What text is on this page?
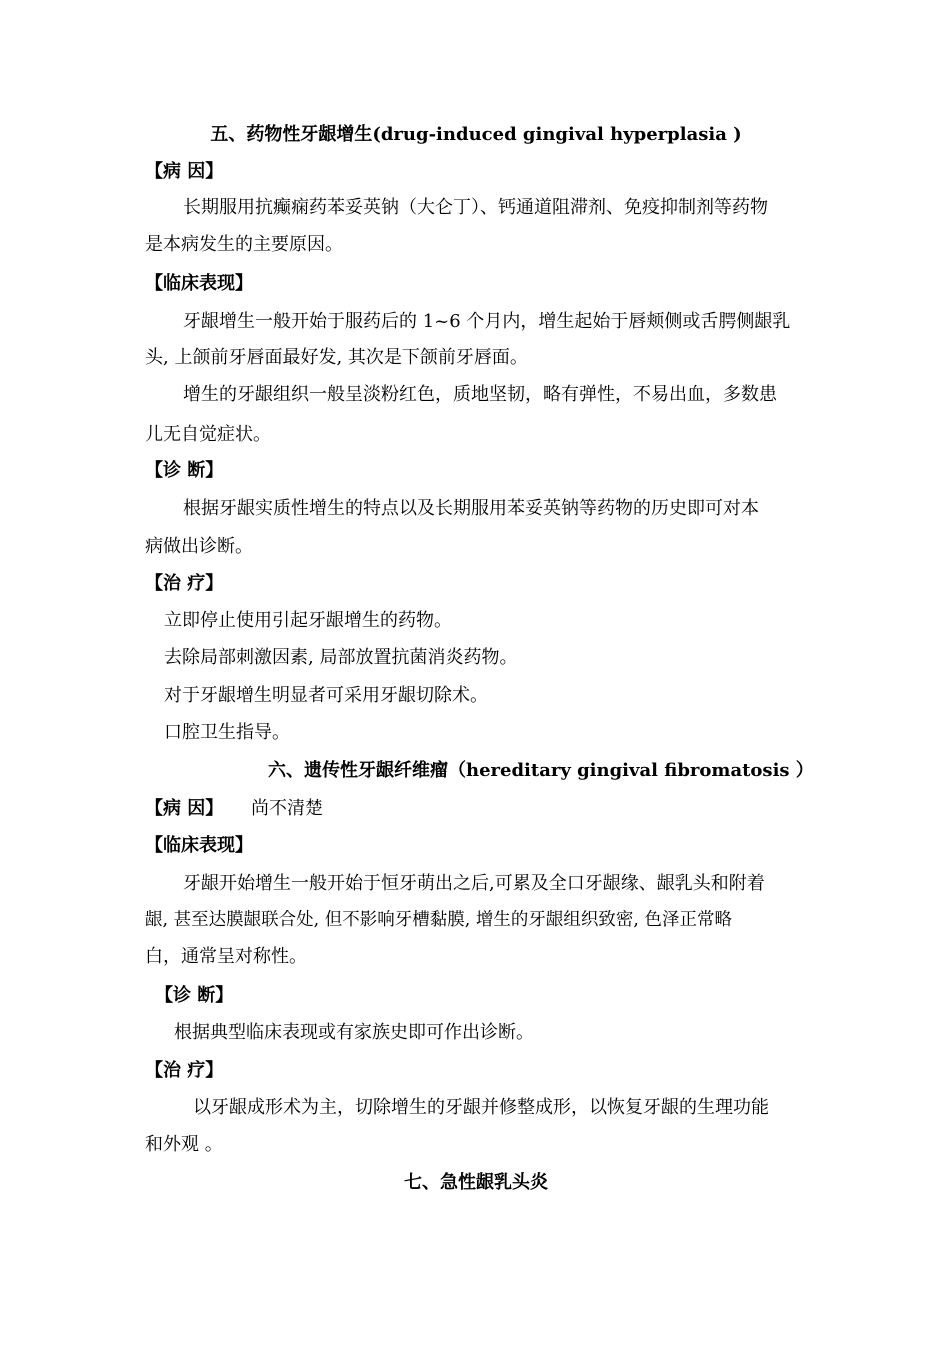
五、药物性牙龈增生(drug-induced gingival hyperplasia )
【病 因】
长期服用抗癫痫药苯妥英钠（大仑丁）、钙通道阻滞剂、免疫抑制剂等药物
是本病发生的主要原因。
【临床表现】
牙龈增生一般开始于服药后的 1~6 个月内，增生起始于唇颊侧或舌腭侧龈乳
头, 上颌前牙唇面最好发, 其次是下颌前牙唇面。
增生的牙龈组织一般呈淡粉红色，质地坚韧，略有弹性，不易出血，多数患
儿无自觉症状。
【诊 断】
根据牙龈实质性增生的特点以及长期服用苯妥英钠等药物的历史即可对本
病做出诊断。
【治 疗】
立即停止使用引起牙龈增生的药物。
去除局部刺激因素, 局部放置抗菌消炎药物。
对于牙龈增生明显者可采用牙龈切除术。
口腔卫生指导。
六、遗传性牙龈纤维瘤（hereditary gingival fibromatosis ）
【病 因】 尚不清楚
【临床表现】
牙龈开始增生一般开始于恒牙萌出之后,可累及全口牙龈缘、龈乳头和附着
龈, 甚至达膜龈联合处, 但不影响牙槽黏膜, 增生的牙龈组织致密, 色泽正常略
白，通常呈对称性。
【诊 断】
根据典型临床表现或有家族史即可作出诊断。
【治 疗】
以牙龈成形术为主，切除增生的牙龈并修整成形，以恢复牙龈的生理功能
和外观 。
七、急性龈乳头炎
